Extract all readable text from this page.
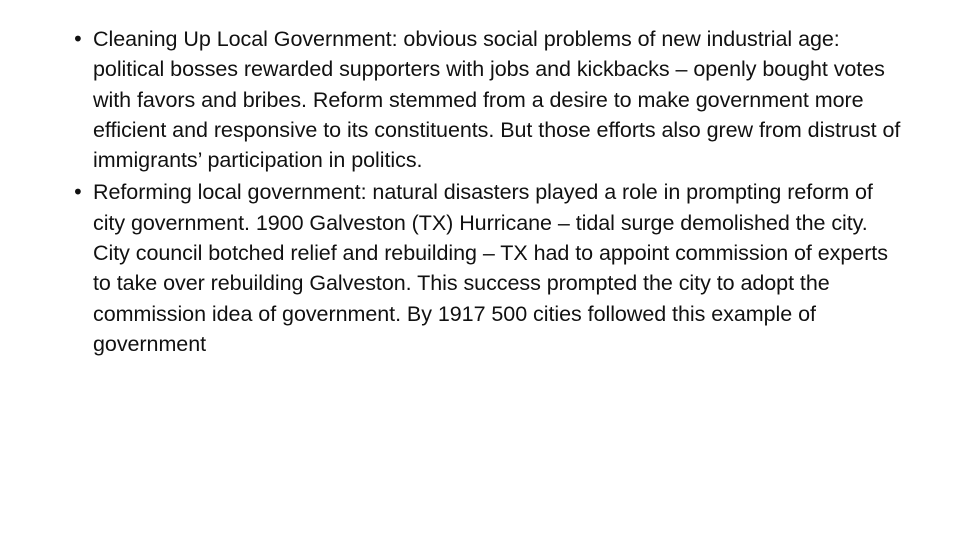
• Cleaning Up Local Government: obvious social problems of new industrial age: political bosses rewarded supporters with jobs and kickbacks – openly bought votes with favors and bribes. Reform stemmed from a desire to make government more efficient and responsive to its constituents. But those efforts also grew from distrust of immigrants’ participation in politics.
• Reforming local government: natural disasters played a role in prompting reform of city government. 1900 Galveston (TX) Hurricane – tidal surge demolished the city. City council botched relief and rebuilding – TX had to appoint commission of experts to take over rebuilding Galveston. This success prompted the city to adopt the commission idea of government. By 1917 500 cities followed this example of government
